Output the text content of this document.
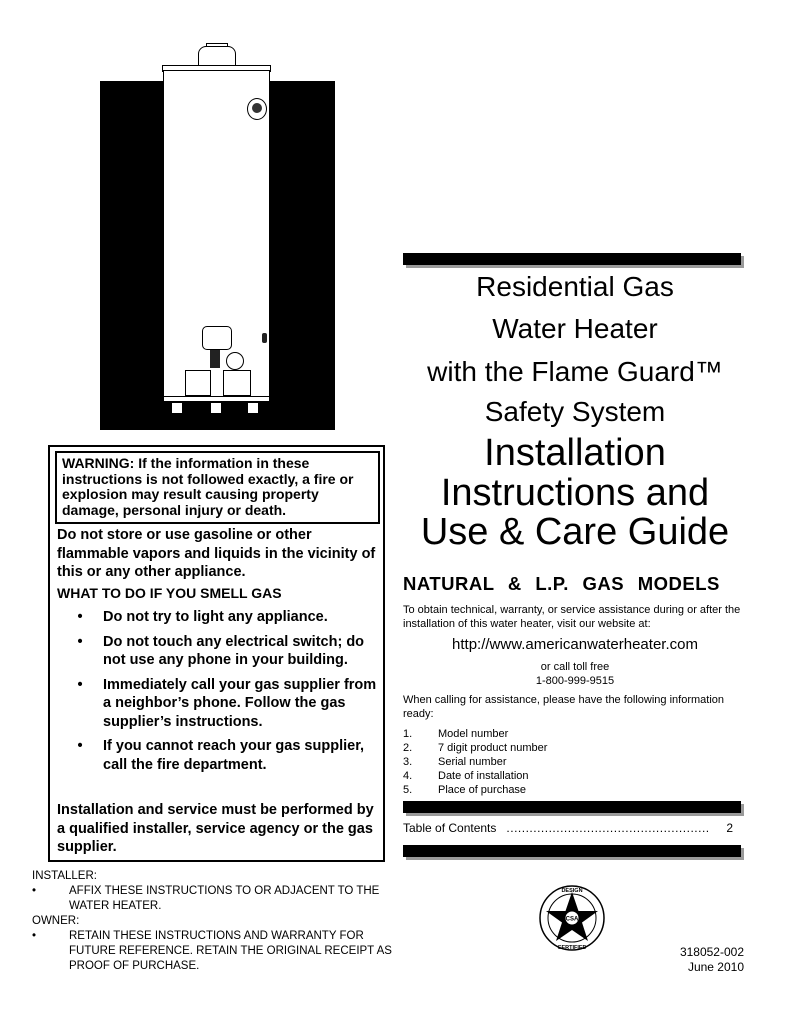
Residential Gas
Water Heater
with the Flame Guard™
Safety System
Installation
Instructions and
Use & Care Guide
NATURAL & L.P. GAS MODELS
To obtain technical, warranty, or service assistance during or after the installation of this water heater, visit our website at:
http://www.americanwaterheater.com
or call toll free
1-800-999-9515
When calling for assistance, please have the following information ready:
1.	Model number
2.	7 digit product number
3.	Serial number
4.	Date of installation
5.	Place of purchase
Table of Contents .....................................................	2
WARNING: If the information in these instructions is not followed exactly, a fire or explosion may result causing property damage, personal injury or death.
Do not store or use gasoline or other flammable vapors and liquids in the vicinity of this or any other appliance.
WHAT TO DO IF YOU SMELL GAS
•	Do not try to light any appliance.
•	Do not touch any electrical switch; do not use any phone in your building.
•	Immediately call your gas supplier from a neighbor’s phone. Follow the gas supplier’s instructions.
•	If you cannot reach your gas supplier, call the fire department.
Installation and service must be performed by a qualified installer, service agency or the gas supplier.
INSTALLER:
•	AFFIX THESE INSTRUCTIONS TO OR ADJACENT TO THE WATER HEATER.
OWNER:
•	RETAIN THESE INSTRUCTIONS AND WARRANTY FOR FUTURE REFERENCE. RETAIN THE ORIGINAL RECEIPT AS PROOF OF PURCHASE.
CSA
DESIGN
CERTIFIED	318052-002
June 2010
